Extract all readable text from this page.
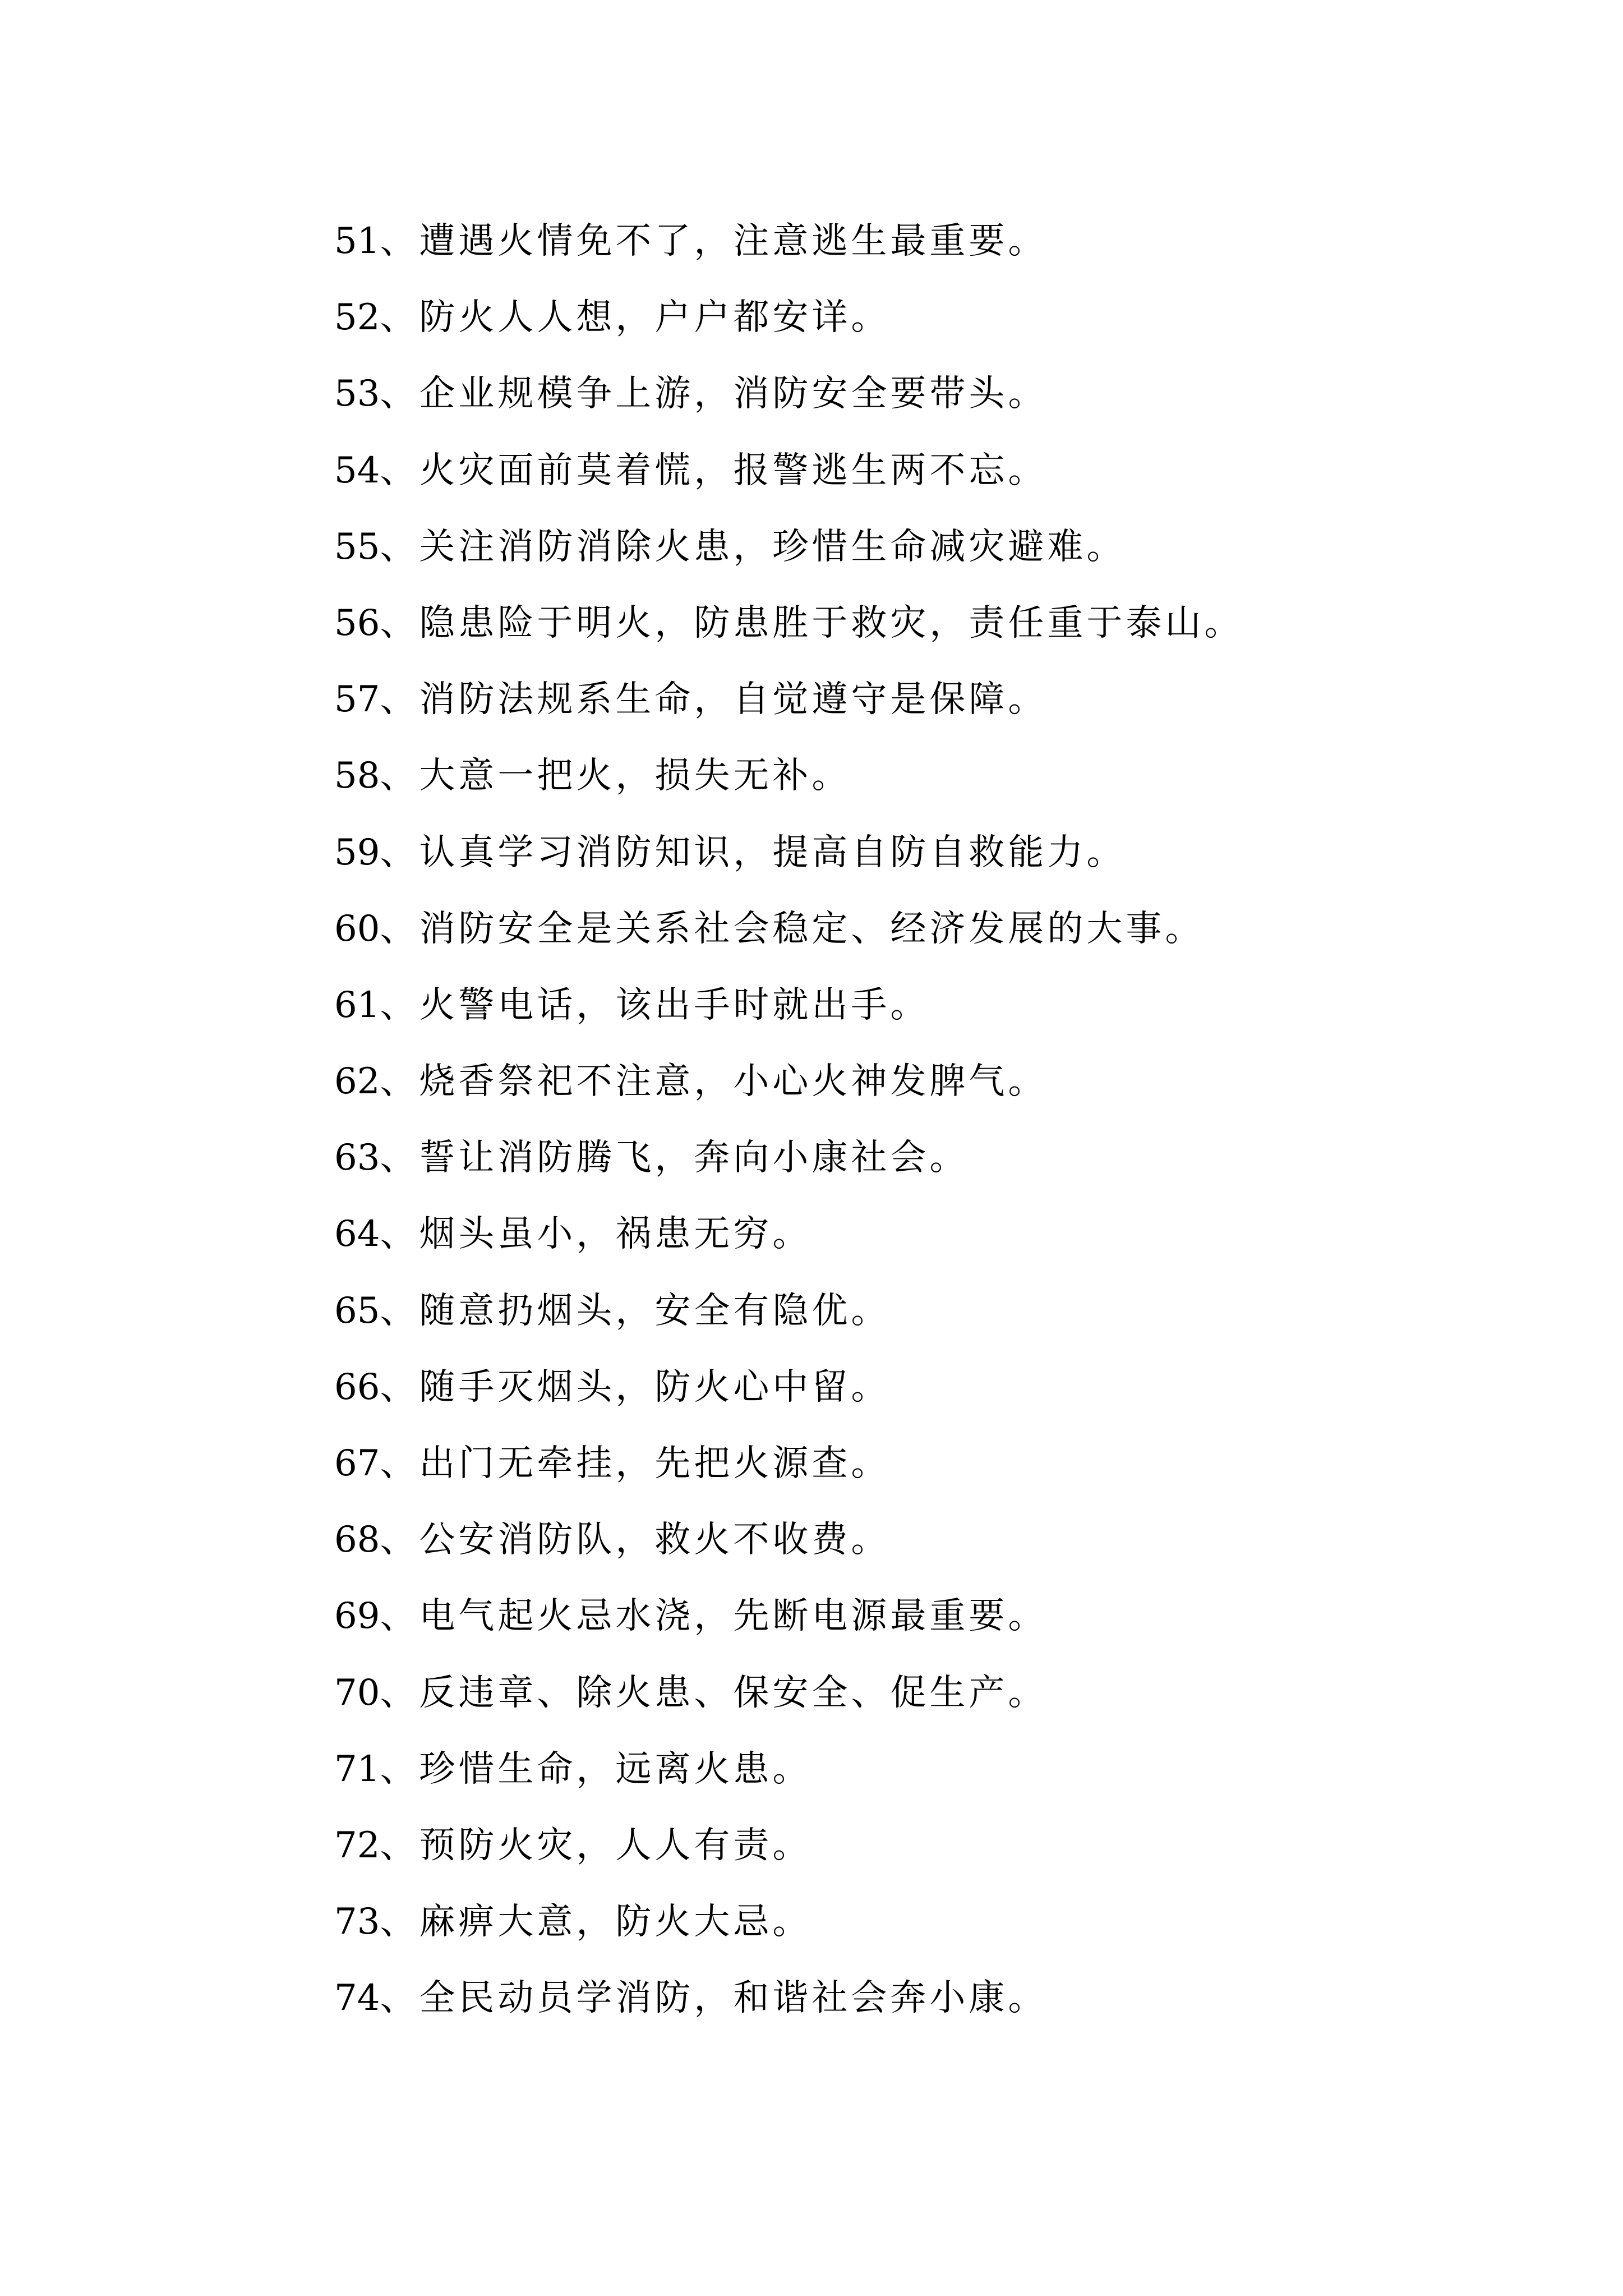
51、遭遇火情免不了，注意逃生最重要。
52、防火人人想，户户都安详。
53、企业规模争上游，消防安全要带头。
54、火灾面前莫着慌，报警逃生两不忘。
55、关注消防消除火患，珍惜生命减灾避难。
56、隐患险于明火，防患胜于救灾，责任重于泰山。
57、消防法规系生命，自觉遵守是保障。
58、大意一把火，损失无补。
59、认真学习消防知识，提高自防自救能力。
60、消防安全是关系社会稳定、经济发展的大事。
61、火警电话，该出手时就出手。
62、烧香祭祀不注意，小心火神发脾气。
63、誓让消防腾飞，奔向小康社会。
64、烟头虽小，祸患无穷。
65、随意扔烟头，安全有隐优。
66、随手灭烟头，防火心中留。
67、出门无牵挂，先把火源查。
68、公安消防队，救火不收费。
69、电气起火忌水浇，先断电源最重要。
70、反违章、除火患、保安全、促生产。
71、珍惜生命，远离火患。
72、预防火灾，人人有责。
73、麻痹大意，防火大忌。
74、全民动员学消防，和谐社会奔小康。
